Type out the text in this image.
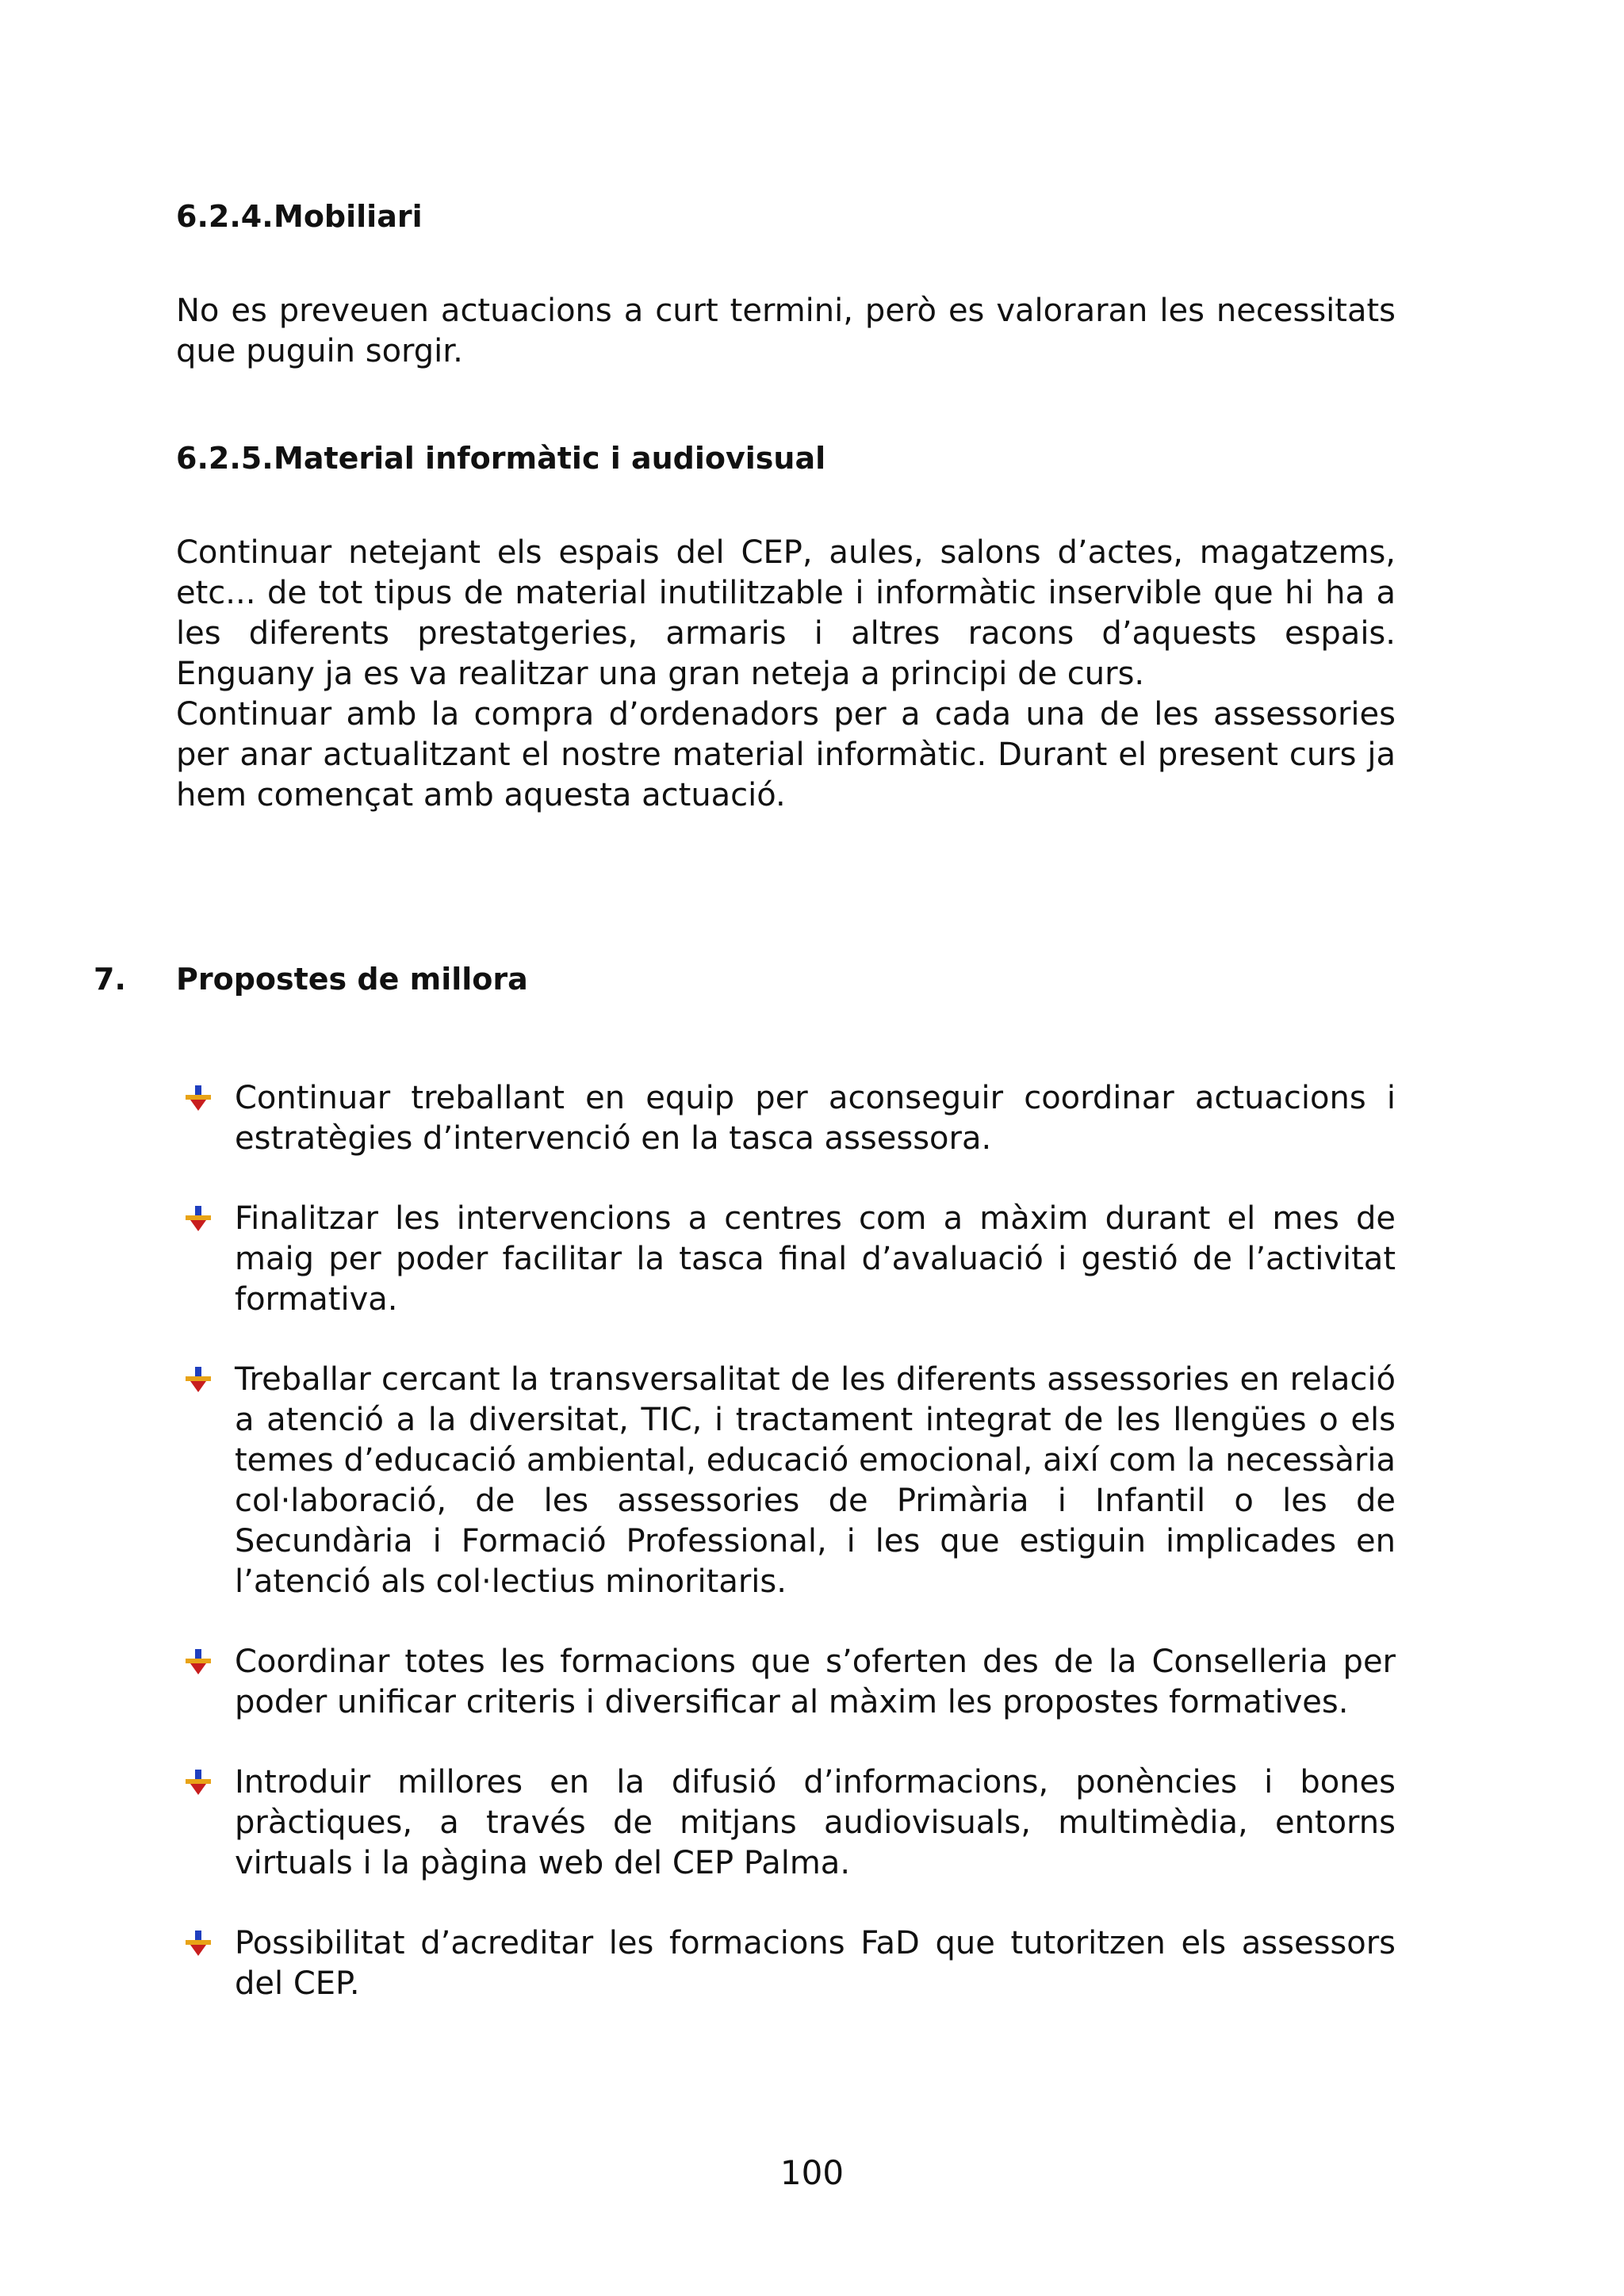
6.2.4.Mobiliari

No es preveuen actuacions a curt termini, però es valoraran les necessitats que puguin sorgir.

6.2.5.Material informàtic i audiovisual

Continuar netejant els espais del CEP, aules, salons d’actes, magatzems, etc... de tot tipus de material inutilitzable i informàtic inservible que hi ha a les diferents prestatgeries, armaris i altres racons d’aquests espais. Enguany ja es va realitzar una gran neteja a principi de curs.

Continuar amb la compra d’ordenadors per a cada una de les assessories per anar actualitzant el nostre material informàtic. Durant el present curs ja hem començat amb aquesta actuació.

7. Propostes de millora
Continuar treballant en equip per aconseguir coordinar actuacions i estratègies d’intervenció en la tasca assessora.
Finalitzar les intervencions a centres com a màxim durant el mes de maig per poder facilitar la tasca final d’avaluació i gestió de l’activitat formativa.
Treballar cercant la transversalitat de les diferents assessories en relació a atenció a la diversitat, TIC, i tractament integrat de les llengües o els temes d’educació ambiental, educació emocional, així com la necessària col·laboració, de les assessories de Primària i Infantil o les de Secundària i Formació Professional, i les que estiguin implicades en l’atenció als col·lectius minoritaris.
Coordinar totes les formacions que s’oferten des de la Conselleria per poder unificar criteris i diversificar al màxim les propostes formatives.
Introduir millores en la difusió d’informacions, ponències i bones pràctiques, a través de mitjans audiovisuals, multimèdia, entorns virtuals i la pàgina web del CEP Palma.
Possibilitat d’acreditar les formacions FaD que tutoritzen els assessors del CEP.
100
